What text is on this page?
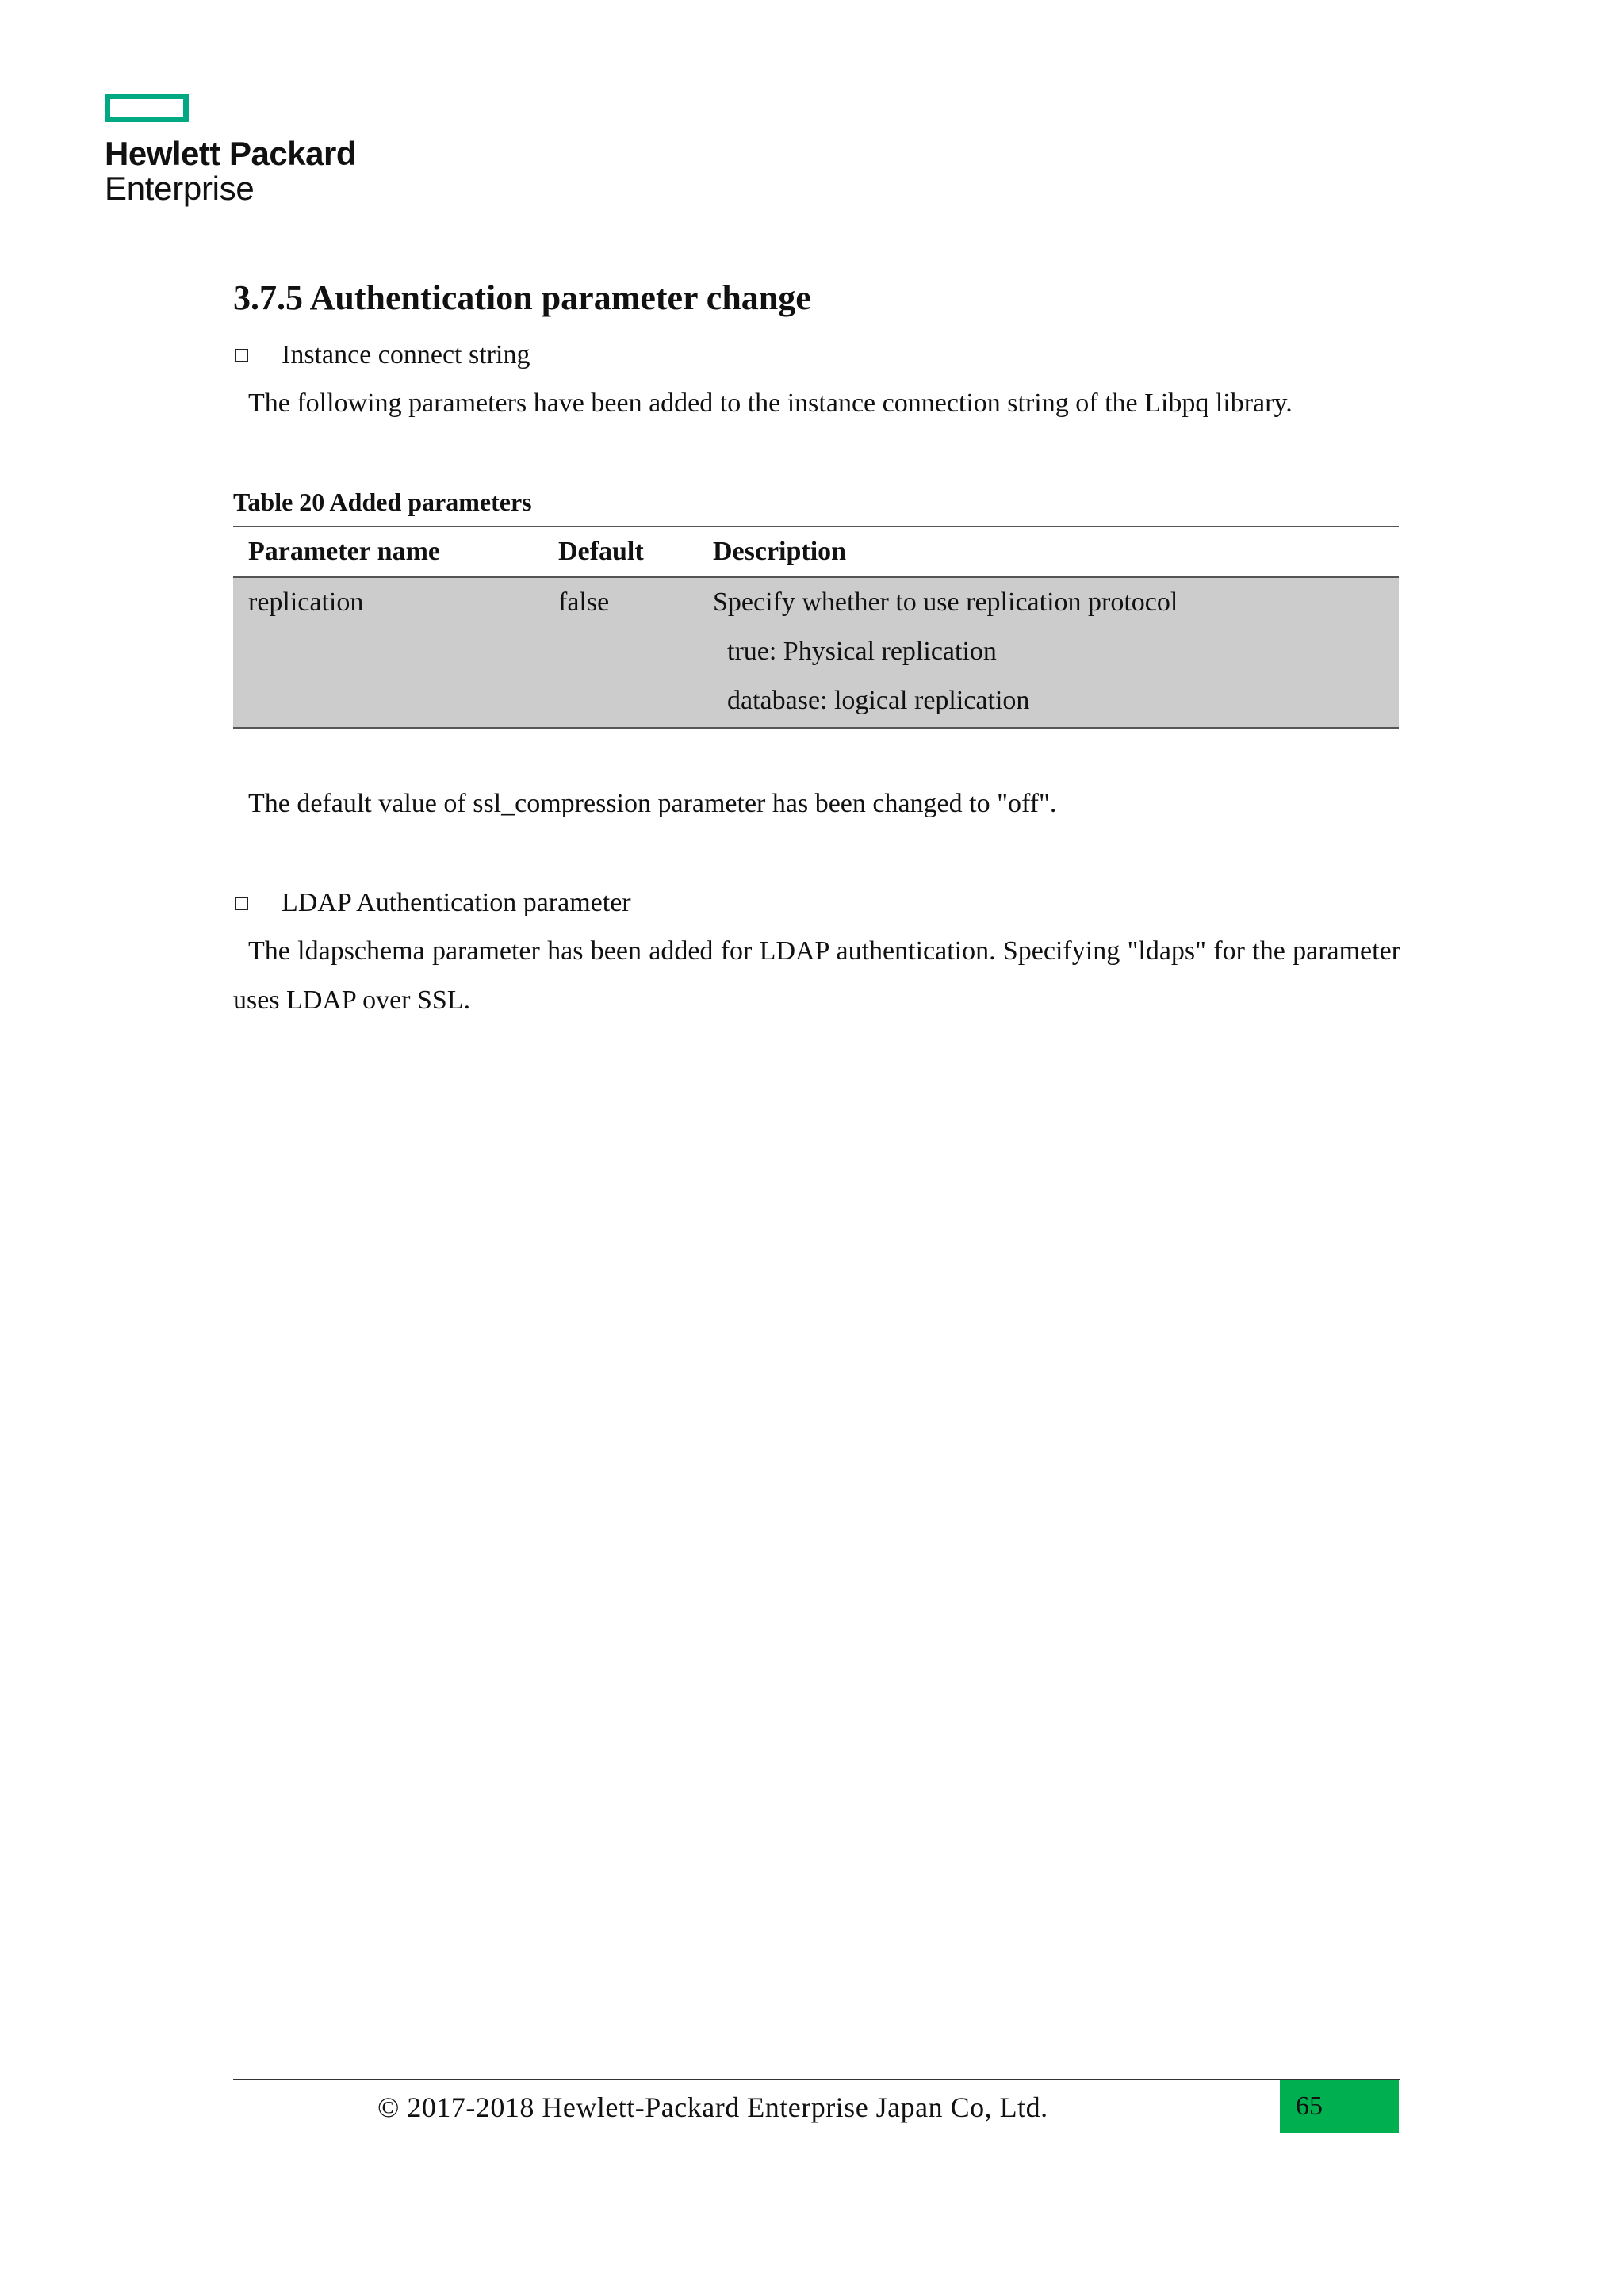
Hewlett Packard
Enterprise
3.7.5 Authentication parameter change
Instance connect string
The following parameters have been added to the instance connection string of the Libpq library.
Table 20 Added parameters
Parameter name	Default	Description
replication	false	Specify whether to use replication protocol
true: Physical replication
database: logical replication
The default value of ssl_compression parameter has been changed to "off".
LDAP Authentication parameter
The ldapschema parameter has been added for LDAP authentication. Specifying "ldaps" for the parameter uses LDAP over SSL.
© 2017-2018 Hewlett-Packard Enterprise Japan Co, Ltd.	65
